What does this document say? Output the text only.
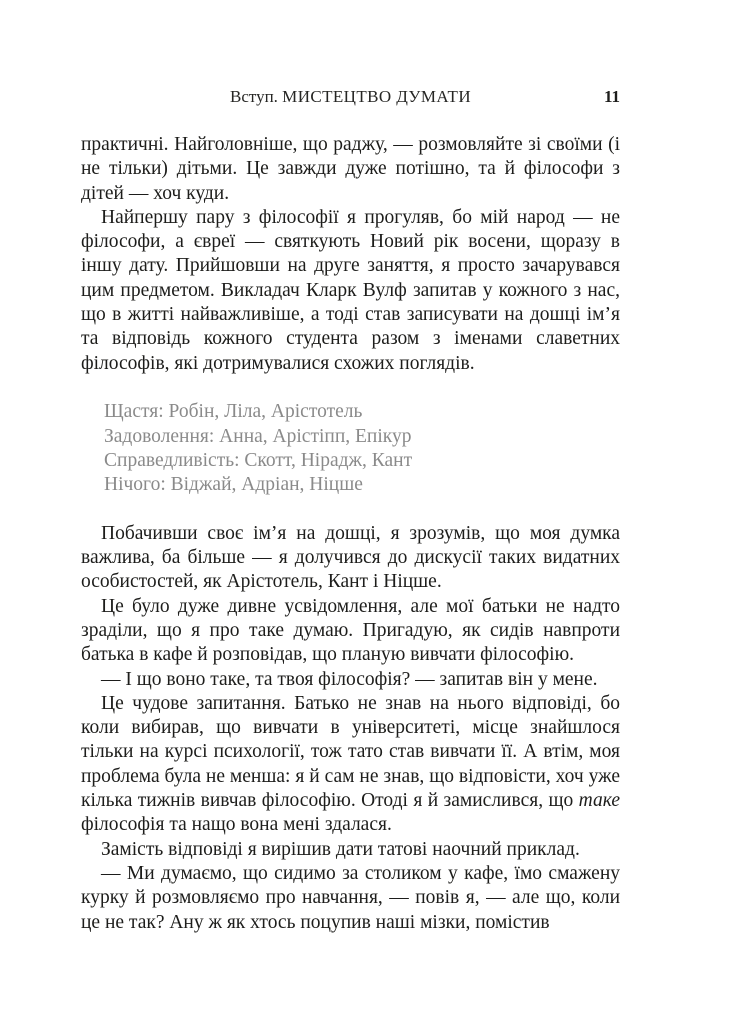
Вступ. МИСТЕЦТВО ДУМАТИ	11

практичні. Найголовніше, що раджу, — розмовляйте зі своїми (і не тільки) дітьми. Це завжди дуже потішно, та й філософи з дітей — хоч куди.

Найпершу пару з філософії я прогуляв, бо мій народ — не філософи, а євреї — святкують Новий рік восени, щоразу в іншу дату. Прийшовши на друге заняття, я просто зачарувався цим предметом. Викладач Кларк Вулф запитав у кожного з нас, що в житті найважливіше, а тоді став записувати на дошці ім’я та відповідь кожного студента разом з іменами славетних філософів, які дотримувалися схожих поглядів.

Щастя: Робін, Ліла, Арістотель
Задоволення: Анна, Арістіпп, Епікур
Справедливість: Скотт, Нірадж, Кант
Нічого: Віджай, Адріан, Ніцше

Побачивши своє ім’я на дошці, я зрозумів, що моя думка важлива, ба більше — я долучився до дискусії таких видатних особистостей, як Арістотель, Кант і Ніцше.

Це було дуже дивне усвідомлення, але мої батьки не надто зраділи, що я про таке думаю. Пригадую, як сидів навпроти батька в кафе й розповідав, що планую вивчати філософію.

— І що воно таке, та твоя філософія? — запитав він у мене.

Це чудове запитання. Батько не знав на нього відповіді, бо коли вибирав, що вивчати в університеті, місце знайшлося тільки на курсі психології, тож тато став вивчати її. А втім, моя проблема була не менша: я й сам не знав, що відповісти, хоч уже кілька тижнів вивчав філософію. Отоді я й замислився, що таке філософія та нащо вона мені здалася.

Замість відповіді я вирішив дати татові наочний приклад.

— Ми думаємо, що сидимо за столиком у кафе, їмо смажену курку й розмовляємо про навчання, — повів я, — але що, коли це не так? Ану ж як хтось поцупив наші мізки, помістив
